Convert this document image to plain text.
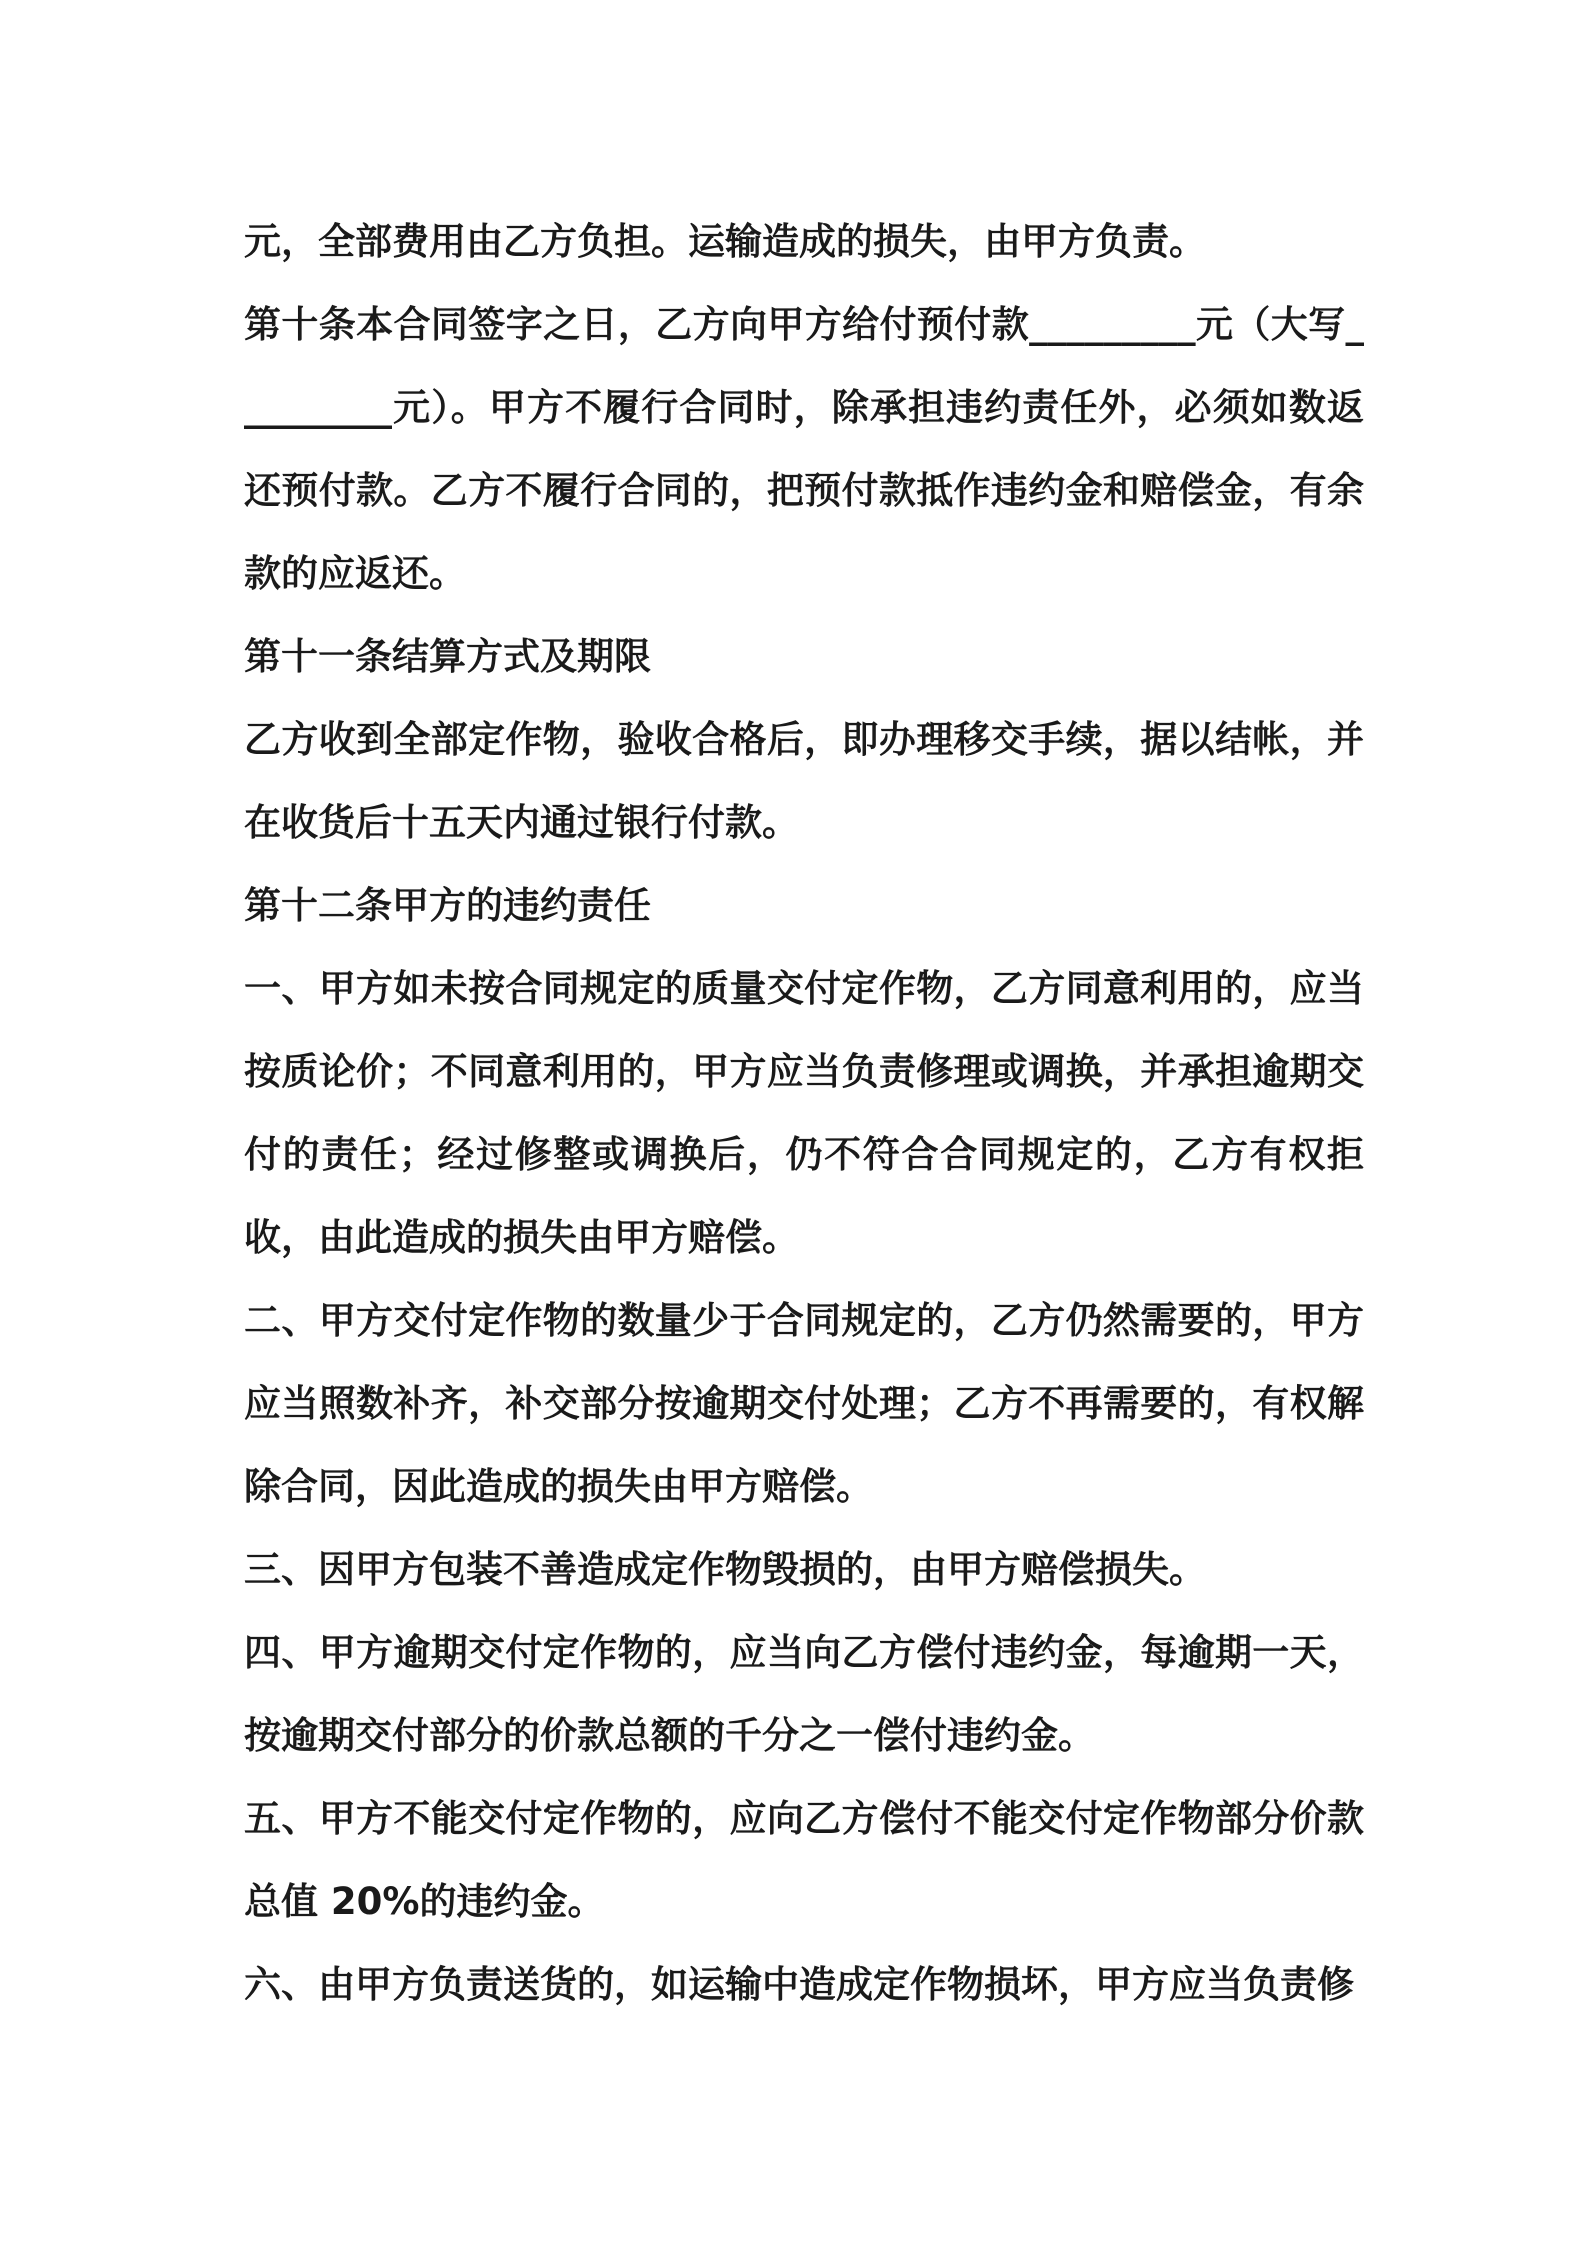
元，全部费用由乙方负担。运输造成的损失，由甲方负责。

第十条本合同签字之日，乙方向甲方给付预付款_________元（大写_________元）。甲方不履行合同时，除承担违约责任外，必须如数返还预付款。乙方不履行合同的，把预付款抵作违约金和赔偿金，有余款的应返还。

第十一条结算方式及期限

乙方收到全部定作物，验收合格后，即办理移交手续，据以结帐，并在收货后十五天内通过银行付款。

第十二条甲方的违约责任

一、甲方如未按合同规定的质量交付定作物，乙方同意利用的，应当按质论价；不同意利用的，甲方应当负责修理或调换，并承担逾期交付的责任；经过修整或调换后，仍不符合合同规定的，乙方有权拒收，由此造成的损失由甲方赔偿。

二、甲方交付定作物的数量少于合同规定的，乙方仍然需要的，甲方应当照数补齐，补交部分按逾期交付处理；乙方不再需要的，有权解除合同，因此造成的损失由甲方赔偿。

三、因甲方包装不善造成定作物毁损的，由甲方赔偿损失。

四、甲方逾期交付定作物的，应当向乙方偿付违约金，每逾期一天，按逾期交付部分的价款总额的千分之一偿付违约金。

五、甲方不能交付定作物的，应向乙方偿付不能交付定作物部分价款总值 20%的违约金。

六、由甲方负责送货的，如运输中造成定作物损坏，甲方应当负责修
